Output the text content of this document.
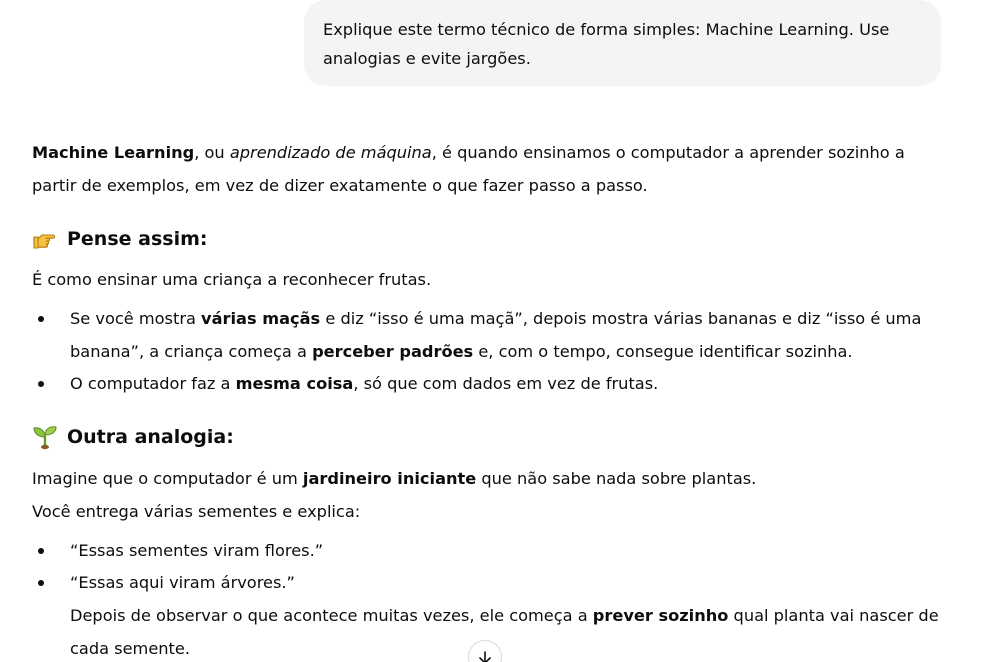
Explique este termo técnico de forma simples: Machine Learning. Use
analogias e evite jargões.
Machine Learning, ou aprendizado de máquina, é quando ensinamos o computador a aprender sozinho a
partir de exemplos, em vez de dizer exatamente o que fazer passo a passo.
Pense assim:
É como ensinar uma criança a reconhecer frutas.
Se você mostra várias maçãs e diz “isso é uma maçã”, depois mostra várias bananas e diz “isso é uma
banana”, a criança começa a perceber padrões e, com o tempo, consegue identificar sozinha.
O computador faz a mesma coisa, só que com dados em vez de frutas.
Outra analogia:
Imagine que o computador é um jardineiro iniciante que não sabe nada sobre plantas.
Você entrega várias sementes e explica:
“Essas sementes viram flores.”
“Essas aqui viram árvores.”
Depois de observar o que acontece muitas vezes, ele começa a prever sozinho qual planta vai nascer de
cada semente.
